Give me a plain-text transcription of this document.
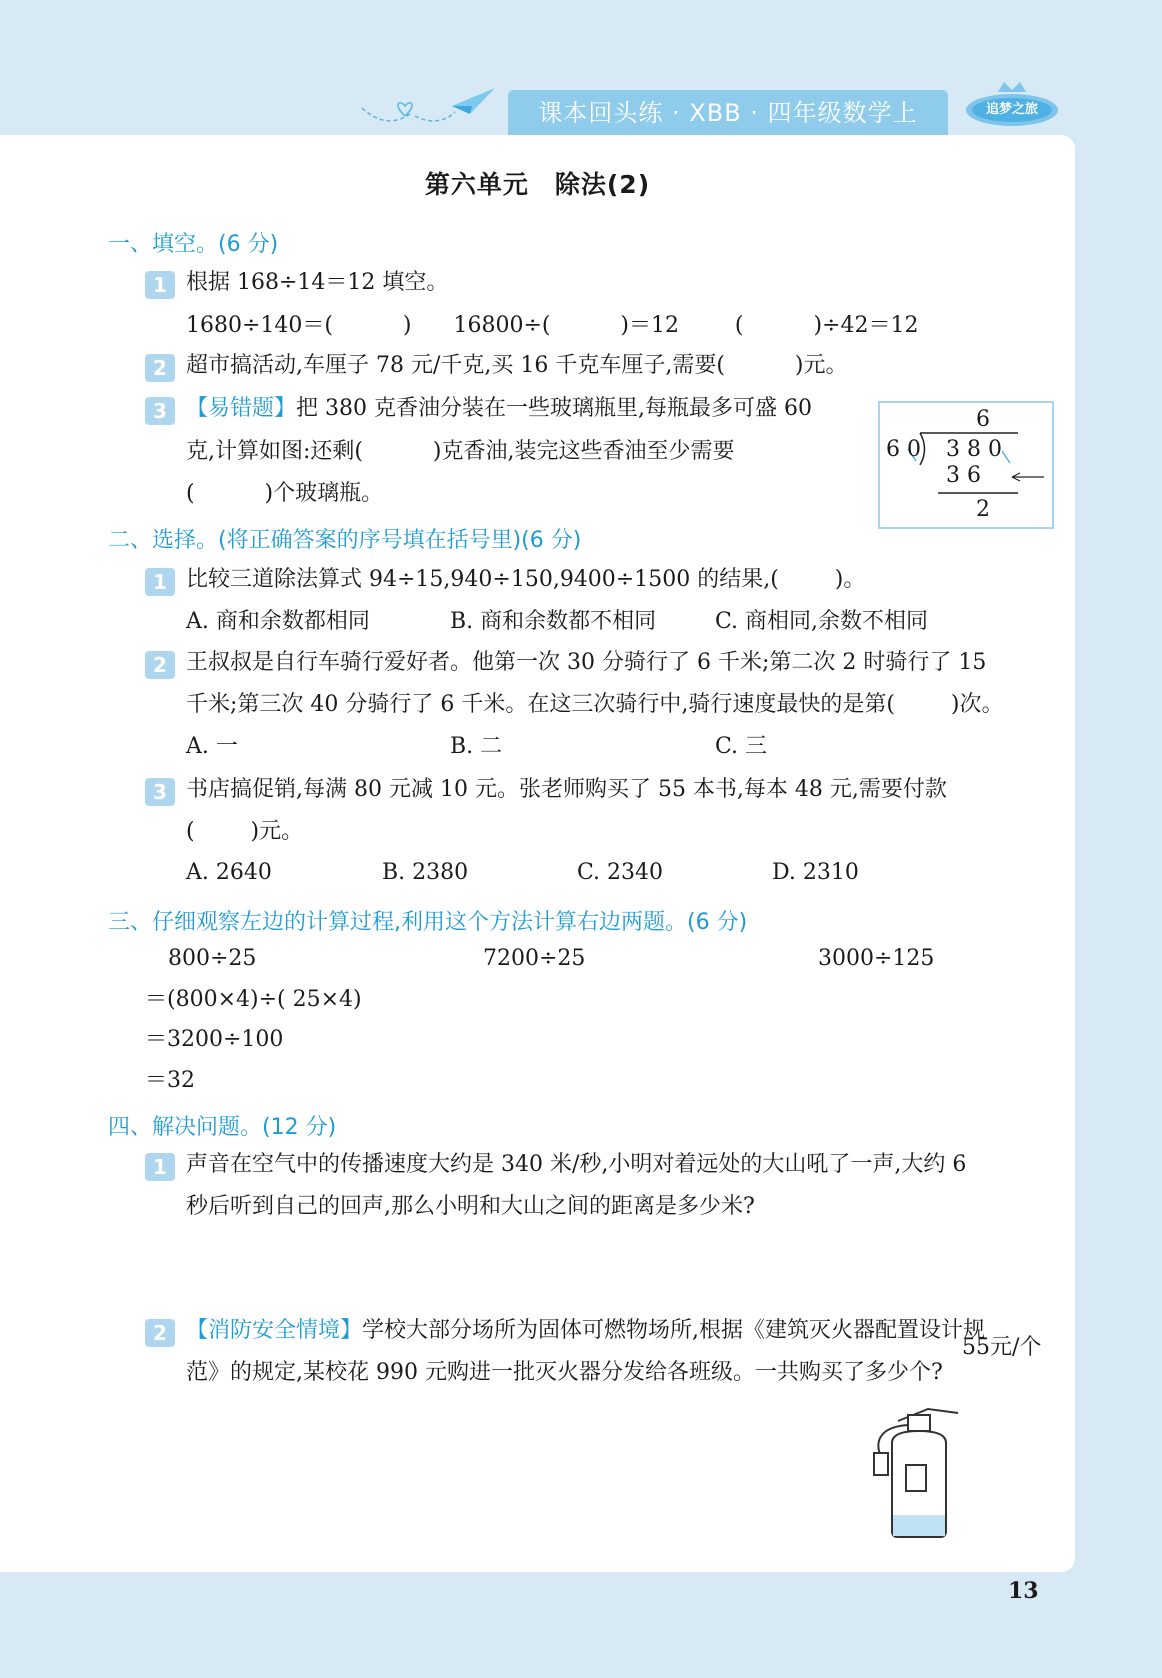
课本回头练 · XBB · 四年级数学上	追梦之旅
第六单元　除法(2)
一、填空。(6 分)
1 根据 168÷14＝12 填空。
1680÷140＝(          )      16800÷(          )＝12        (          )÷42＝12
2 超市搞活动,车厘子 78 元/千克,买 16 千克车厘子,需要(          )元。
3 【易错题】把 380 克香油分装在一些玻璃瓶里,每瓶最多可盛 60
克,计算如图:还剩(          )克香油,装完这些香油至少需要
(          )个玻璃瓶。
6
6 0 3 8 0
3 6
2
二、选择。(将正确答案的序号填在括号里)(6 分)
1 比较三道除法算式 94÷15,940÷150,9400÷1500 的结果,(        )。
A. 商和余数都相同	B. 商和余数都不相同	C. 商相同,余数不相同
2 王叔叔是自行车骑行爱好者。他第一次 30 分骑行了 6 千米;第二次 2 时骑行了 15
千米;第三次 40 分骑行了 6 千米。在这三次骑行中,骑行速度最快的是第(        )次。
A. 一	B. 二	C. 三
3 书店搞促销,每满 80 元减 10 元。张老师购买了 55 本书,每本 48 元,需要付款
(        )元。
A. 2640	B. 2380	C. 2340	D. 2310
三、仔细观察左边的计算过程,利用这个方法计算右边两题。(6 分)
800÷25	7200÷25	3000÷125
＝(800×4)÷( 25×4)
＝3200÷100
＝32
四、解决问题。(12 分)
1 声音在空气中的传播速度大约是 340 米/秒,小明对着远处的大山吼了一声,大约 6
秒后听到自己的回声,那么小明和大山之间的距离是多少米?
2 【消防安全情境】学校大部分场所为固体可燃物场所,根据《建筑灭火器配置设计规
范》的规定,某校花 990 元购进一批灭火器分发给各班级。一共购买了多少个?
55元/个
13
